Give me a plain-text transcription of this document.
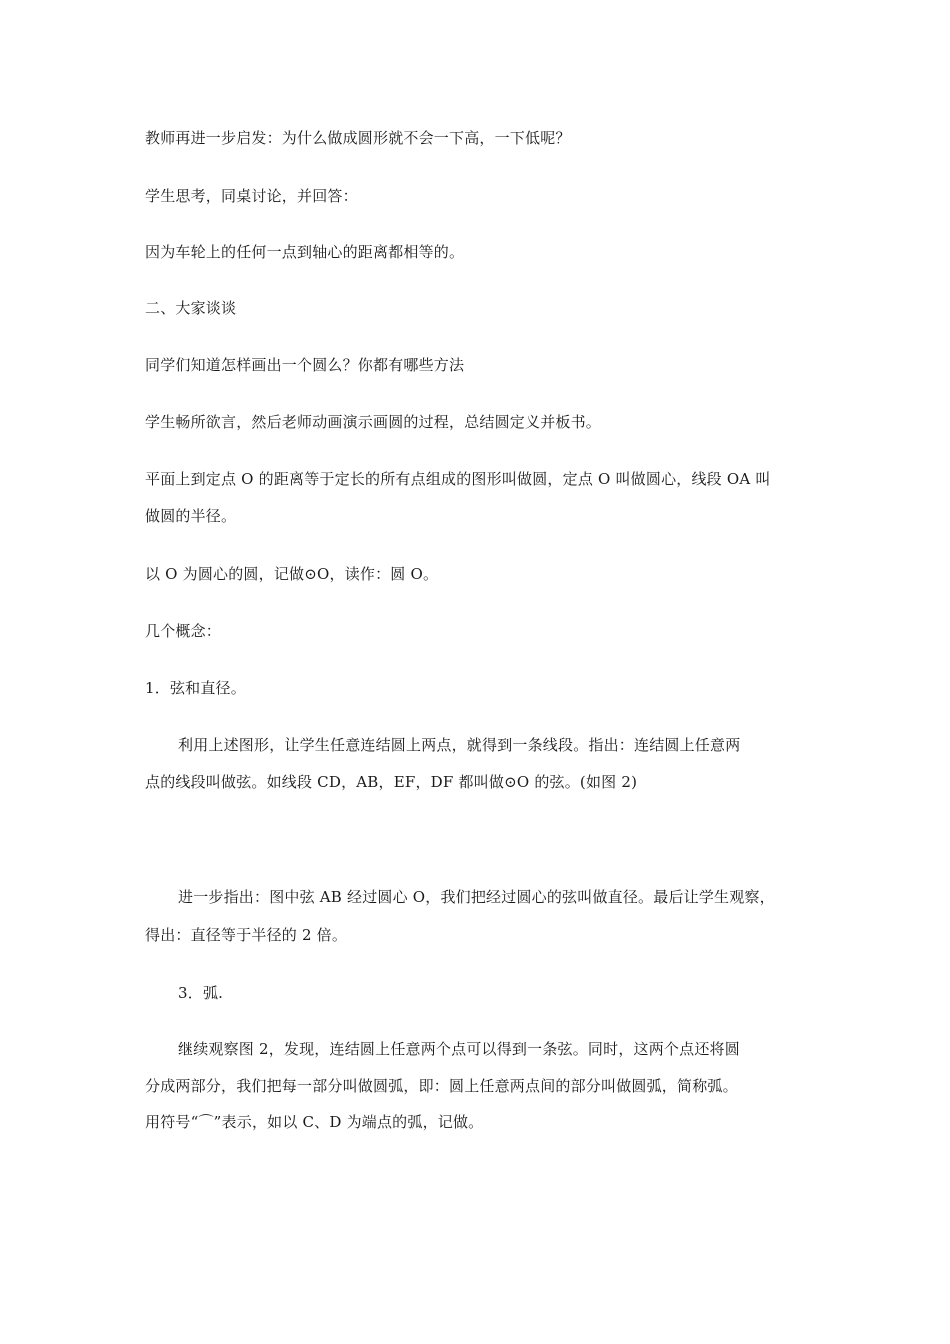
教师再进一步启发：为什么做成圆形就不会一下高，一下低呢？
学生思考，同桌讨论，并回答：
因为车轮上的任何一点到轴心的距离都相等的。
二、大家谈谈
同学们知道怎样画出一个圆么？你都有哪些方法
学生畅所欲言，然后老师动画演示画圆的过程，总结圆定义并板书。
平面上到定点 O 的距离等于定长的所有点组成的图形叫做圆，定点 O 叫做圆心，线段 OA 叫
做圆的半径。
以 O 为圆心的圆，记做⊙O，读作：圆 O。
几个概念：
1．弦和直径。
利用上述图形，让学生任意连结圆上两点，就得到一条线段。指出：连结圆上任意两
点的线段叫做弦。如线段 CD，AB，EF，DF 都叫做⊙O 的弦。(如图 2)
进一步指出：图中弦 AB 经过圆心 O，我们把经过圆心的弦叫做直径。最后让学生观察，
得出：直径等于半径的 2 倍。
3．弧.
继续观察图 2，发现，连结圆上任意两个点可以得到一条弦。同时，这两个点还将圆
分成两部分，我们把每一部分叫做圆弧，即：圆上任意两点间的部分叫做圆弧，简称弧。
用符号“⌒”表示，如以 C、D 为端点的弧，记做。
